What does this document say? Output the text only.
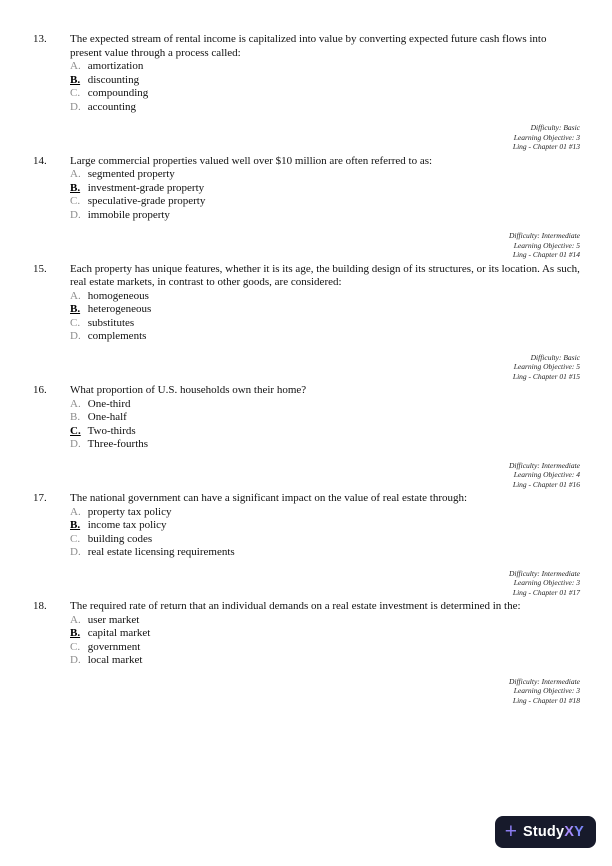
13.	The expected stream of rental income is capitalized into value by converting expected future cash flows into present value through a process called:
A. amortization
B. discounting
C. compounding
D. accounting
Difficulty: Basic
Learning Objective: 3
Ling - Chapter 01 #13
14.	Large commercial properties valued well over $10 million are often referred to as:
A. segmented property
B. investment-grade property
C. speculative-grade property
D. immobile property
Difficulty: Intermediate
Learning Objective: 5
Ling - Chapter 01 #14
15.	Each property has unique features, whether it is its age, the building design of its structures, or its location. As such, real estate markets, in contrast to other goods, are considered:
A. homogeneous
B. heterogeneous
C. substitutes
D. complements
Difficulty: Basic
Learning Objective: 5
Ling - Chapter 01 #15
16.	What proportion of U.S. households own their home?
A. One-third
B. One-half
C. Two-thirds
D. Three-fourths
Difficulty: Intermediate
Learning Objective: 4
Ling - Chapter 01 #16
17.	The national government can have a significant impact on the value of real estate through:
A. property tax policy
B. income tax policy
C. building codes
D. real estate licensing requirements
Difficulty: Intermediate
Learning Objective: 3
Ling - Chapter 01 #17
18.	The required rate of return that an individual demands on a real estate investment is determined in the:
A. user market
B. capital market
C. government
D. local market
Difficulty: Intermediate
Learning Objective: 3
Ling - Chapter 01 #18
+ StudyXY
